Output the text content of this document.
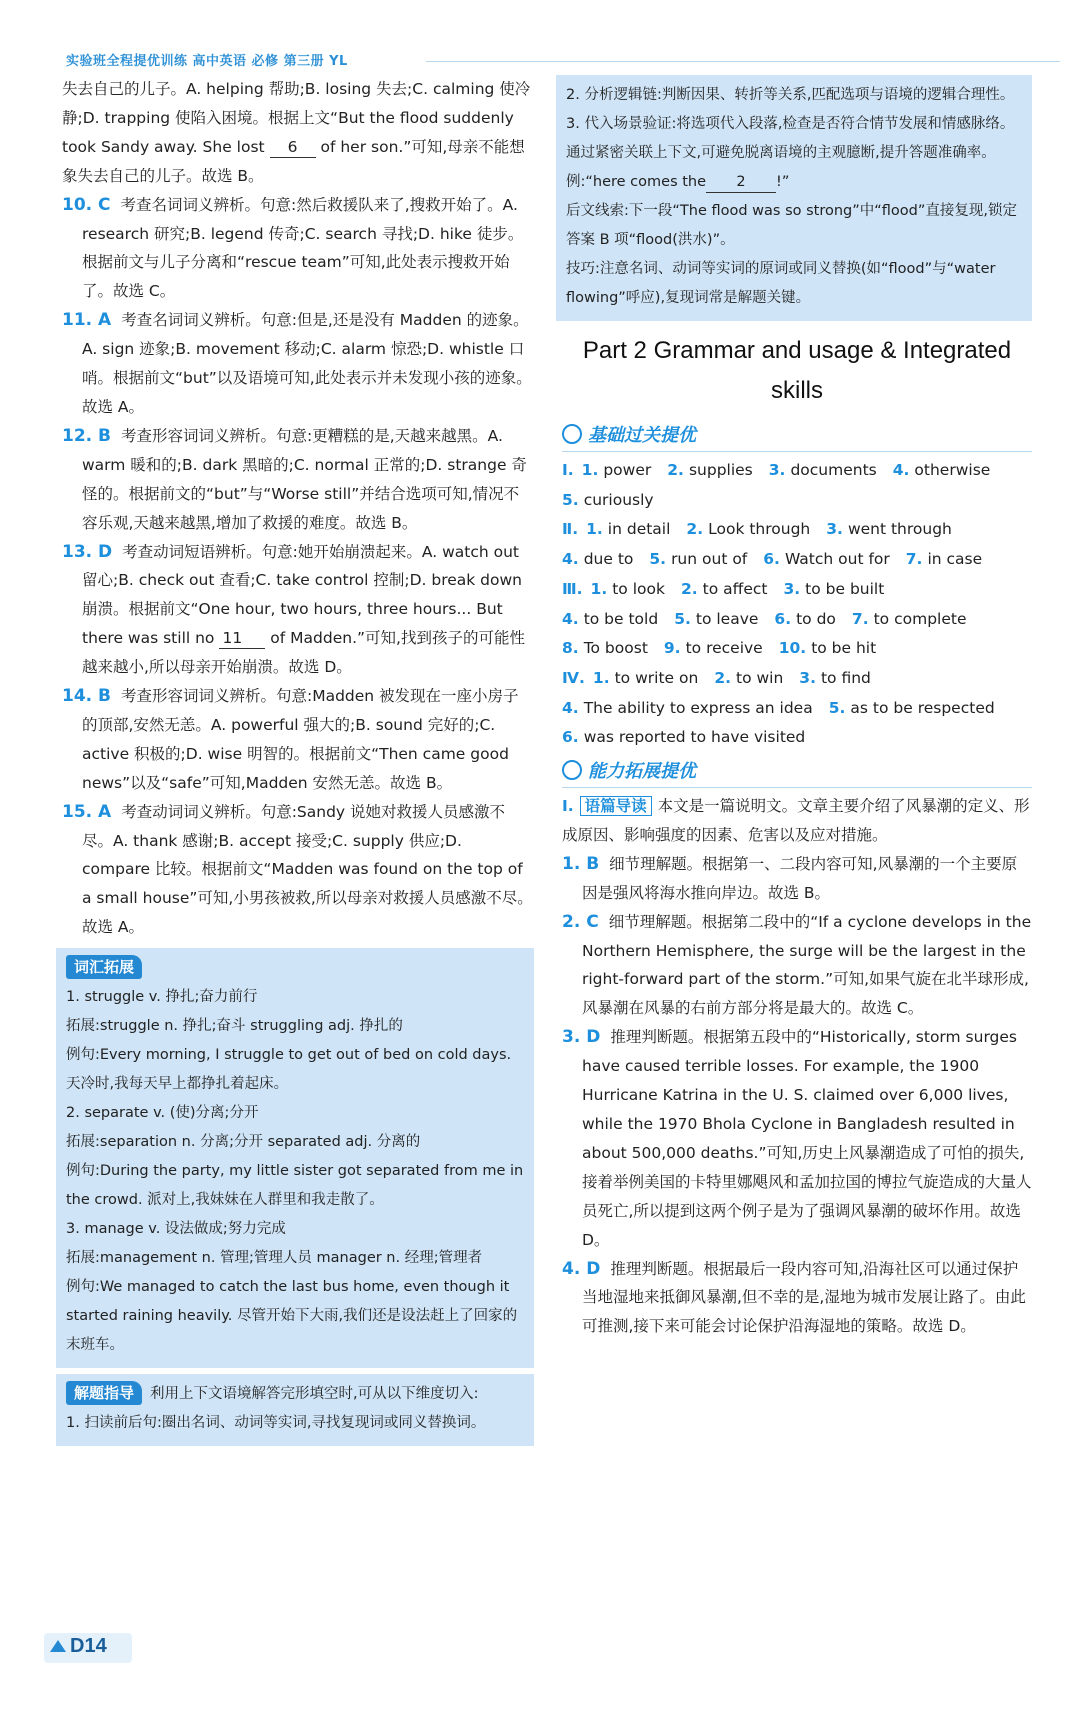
实验班全程提优训练 高中英语 必修 第三册 YL

失去自己的儿子。A. helping 帮助;B. losing 失去;C. calming 使冷静;D. trapping 使陷入困境。根据上文“But the flood suddenly took Sandy away. She lost 6 of her son.”可知,母亲不能想象失去自己的儿子。故选 B。

10. C 考查名词词义辨析。句意:然后救援队来了,搜救开始了。A. research 研究;B. legend 传奇;C. search 寻找;D. hike 徒步。根据前文与儿子分离和“rescue team”可知,此处表示搜救开始了。故选 C。

11. A 考查名词词义辨析。句意:但是,还是没有 Madden 的迹象。A. sign 迹象;B. movement 移动;C. alarm 惊恐;D. whistle 口哨。根据前文“but”以及语境可知,此处表示并未发现小孩的迹象。故选 A。

12. B 考查形容词词义辨析。句意:更糟糕的是,天越来越黑。A. warm 暖和的;B. dark 黑暗的;C. normal 正常的;D. strange 奇怪的。根据前文的“but”与“Worse still”并结合选项可知,情况不容乐观,天越来越黑,增加了救援的难度。故选 B。

13. D 考查动词短语辨析。句意:她开始崩溃起来。A. watch out 留心;B. check out 查看;C. take control 控制;D. break down 崩溃。根据前文“One hour, two hours, three hours... But there was still no 11 of Madden.”可知,找到孩子的可能性越来越小,所以母亲开始崩溃。故选 D。

14. B 考查形容词词义辨析。句意:Madden 被发现在一座小房子的顶部,安然无恙。A. powerful 强大的;B. sound 完好的;C. active 积极的;D. wise 明智的。根据前文“Then came good news”以及“safe”可知,Madden 安然无恙。故选 B。

15. A 考查动词词义辨析。句意:Sandy 说她对救援人员感激不尽。A. thank 感谢;B. accept 接受;C. supply 供应;D. compare 比较。根据前文“Madden was found on the top of a small house”可知,小男孩被救,所以母亲对救援人员感激不尽。故选 A。

词汇拓展

1. struggle v. 挣扎;奋力前行

拓展:struggle n. 挣扎;奋斗 struggling adj. 挣扎的

例句:Every morning, I struggle to get out of bed on cold days. 天冷时,我每天早上都挣扎着起床。

2. separate v. (使)分离;分开

拓展:separation n. 分离;分开 separated adj. 分离的

例句:During the party, my little sister got separated from me in the crowd. 派对上,我妹妹在人群里和我走散了。

3. manage v. 设法做成;努力完成

拓展:management n. 管理;管理人员 manager n. 经理;管理者

例句:We managed to catch the last bus home, even though it started raining heavily. 尽管开始下大雨,我们还是设法赶上了回家的末班车。

解题指导 利用上下文语境解答完形填空时,可从以下维度切入:

1. 扫读前后句:圈出名词、动词等实词,寻找复现词或同义替换词。

2. 分析逻辑链:判断因果、转折等关系,匹配选项与语境的逻辑合理性。

3. 代入场景验证:将选项代入段落,检查是否符合情节发展和情感脉络。

通过紧密关联上下文,可避免脱离语境的主观臆断,提升答题准确率。

例:“here comes the 2 !”

后文线索:下一段“The flood was so strong”中“flood”直接复现,锁定答案 B 项“flood(洪水)”。

技巧:注意名词、动词等实词的原词或同义替换(如“flood”与“water flowing”呼应),复现词常是解题关键。

Part 2 Grammar and usage & Integrated skills
基础过关提优
Ⅰ. 1. power 2. supplies 3. documents 4. otherwise
5. curiously
Ⅱ. 1. in detail 2. Look through 3. went through
4. due to 5. run out of 6. Watch out for 7. in case
Ⅲ. 1. to look 2. to affect 3. to be built
4. to be told 5. to leave 6. to do 7. to complete
8. To boost 9. to receive 10. to be hit
Ⅳ. 1. to write on 2. to win 3. to find
4. The ability to express an idea 5. as to be respected
6. was reported to have visited
能力拓展提优

Ⅰ. 语篇导读 本文是一篇说明文。文章主要介绍了风暴潮的定义、形成原因、影响强度的因素、危害以及应对措施。

1. B 细节理解题。根据第一、二段内容可知,风暴潮的一个主要原因是强风将海水推向岸边。故选 B。

2. C 细节理解题。根据第二段中的“If a cyclone develops in the Northern Hemisphere, the surge will be the largest in the right-forward part of the storm.”可知,如果气旋在北半球形成,风暴潮在风暴的右前方部分将是最大的。故选 C。

3. D 推理判断题。根据第五段中的“Historically, storm surges have caused terrible losses. For example, the 1900 Hurricane Katrina in the U. S. claimed over 6,000 lives, while the 1970 Bhola Cyclone in Bangladesh resulted in about 500,000 deaths.”可知,历史上风暴潮造成了可怕的损失,接着举例美国的卡特里娜飓风和孟加拉国的博拉气旋造成的大量人员死亡,所以提到这两个例子是为了强调风暴潮的破坏作用。故选 D。

4. D 推理判断题。根据最后一段内容可知,沿海社区可以通过保护当地湿地来抵御风暴潮,但不幸的是,湿地为城市发展让路了。由此可推测,接下来可能会讨论保护沿海湿地的策略。故选 D。

D14
